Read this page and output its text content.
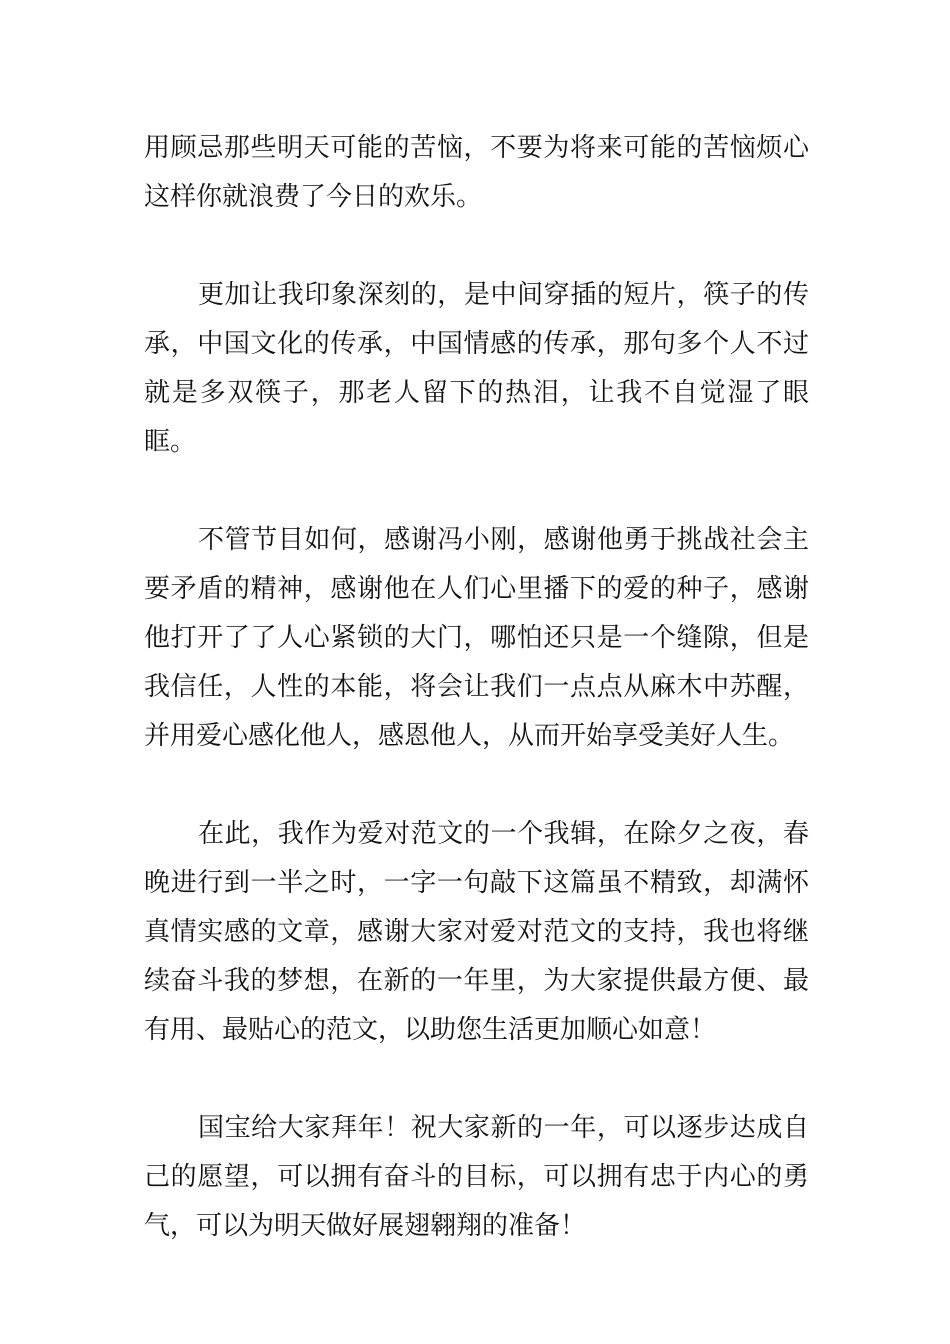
用顾忌那些明天可能的苦恼，不要为将来可能的苦恼烦心这样你就浪费了今日的欢乐。

更加让我印象深刻的，是中间穿插的短片，筷子的传承，中国文化的传承，中国情感的传承，那句多个人不过就是多双筷子，那老人留下的热泪，让我不自觉湿了眼眶。

不管节目如何，感谢冯小刚，感谢他勇于挑战社会主要矛盾的精神，感谢他在人们心里播下的爱的种子，感谢他打开了了人心紧锁的大门，哪怕还只是一个缝隙，但是我信任，人性的本能，将会让我们一点点从麻木中苏醒，并用爱心感化他人，感恩他人，从而开始享受美好人生。

在此，我作为爱对范文的一个我辑，在除夕之夜，春晚进行到一半之时，一字一句敲下这篇虽不精致，却满怀真情实感的文章，感谢大家对爱对范文的支持，我也将继续奋斗我的梦想，在新的一年里，为大家提供最方便、最有用、最贴心的范文，以助您生活更加顺心如意！

国宝给大家拜年！祝大家新的一年，可以逐步达成自己的愿望，可以拥有奋斗的目标，可以拥有忠于内心的勇气，可以为明天做好展翅翱翔的准备！
